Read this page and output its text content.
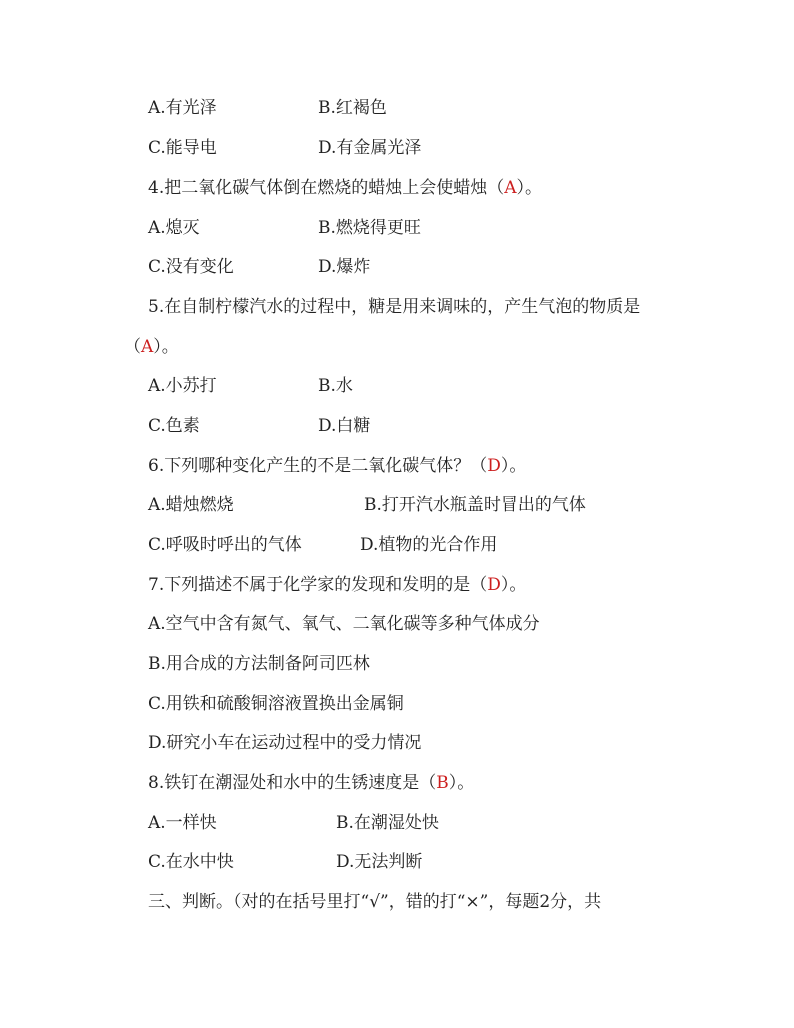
A.有光泽	B.红褐色
C.能导电	D.有金属光泽
4.把二氧化碳气体倒在燃烧的蜡烛上会使蜡烛（A）。
A.熄灭	B.燃烧得更旺
C.没有变化	D.爆炸
5.在自制柠檬汽水的过程中，糖是用来调味的，产生气泡的物质是
（A）。
A.小苏打	B.水
C.色素	D.白糖
6.下列哪种变化产生的不是二氧化碳气体？（D）。
A.蜡烛燃烧	B.打开汽水瓶盖时冒出的气体
C.呼吸时呼出的气体	D.植物的光合作用
7.下列描述不属于化学家的发现和发明的是（D）。
A.空气中含有氮气、氧气、二氧化碳等多种气体成分
B.用合成的方法制备阿司匹林
C.用铁和硫酸铜溶液置换出金属铜
D.研究小车在运动过程中的受力情况
8.铁钉在潮湿处和水中的生锈速度是（B）。
A.一样快	B.在潮湿处快
C.在水中快	D.无法判断
三、判断。（对的在括号里打“√”，错的打“×”，每题2分，共
